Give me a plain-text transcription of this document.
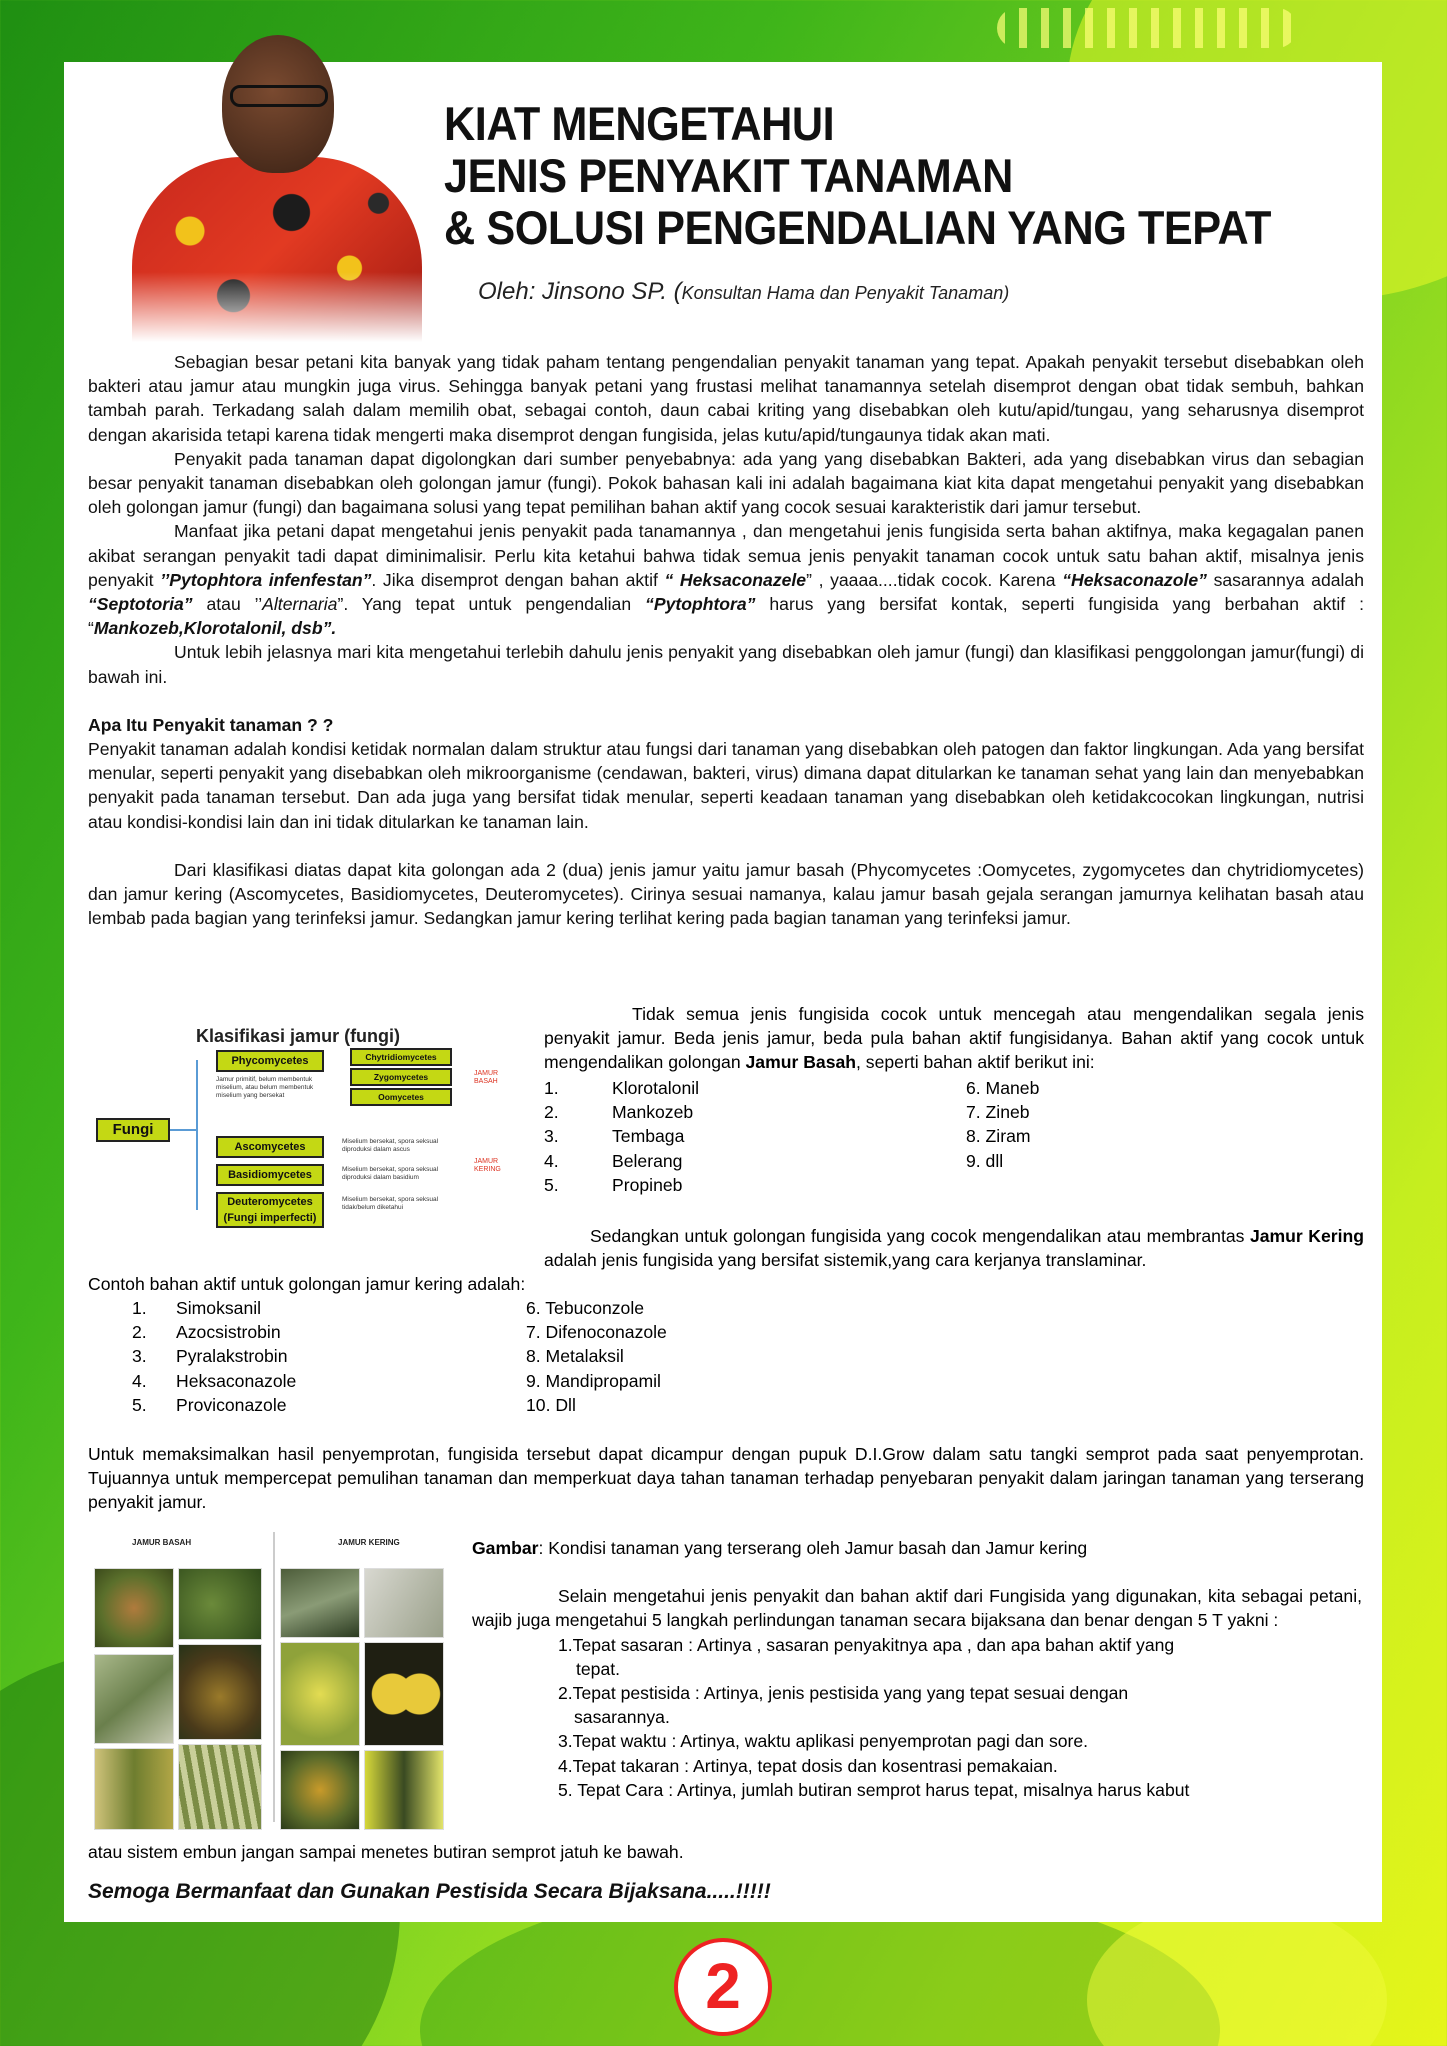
KIAT MENGETAHUI
JENIS PENYAKIT TANAMAN
& SOLUSI PENGENDALIAN YANG TEPAT
Oleh: Jinsono SP. (Konsultan Hama dan Penyakit Tanaman)

Sebagian besar petani kita banyak yang tidak paham tentang pengendalian penyakit tanaman yang tepat. Apakah penyakit tersebut disebabkan oleh bakteri atau jamur atau mungkin juga virus. Sehingga banyak petani yang frustasi melihat tanamannya setelah disemprot dengan obat tidak sembuh, bahkan tambah parah. Terkadang salah dalam memilih obat, sebagai contoh, daun cabai kriting yang disebabkan oleh kutu/apid/tungau, yang seharusnya disemprot dengan akarisida tetapi karena tidak mengerti maka disemprot dengan fungisida, jelas kutu/apid/tungaunya tidak akan mati.

Penyakit pada tanaman dapat digolongkan dari sumber penyebabnya: ada yang yang disebabkan Bakteri, ada yang disebabkan virus dan sebagian besar penyakit tanaman disebabkan oleh golongan jamur (fungi). Pokok bahasan kali ini adalah bagaimana kiat kita dapat mengetahui penyakit yang disebabkan oleh golongan jamur (fungi) dan bagaimana solusi yang tepat pemilihan bahan aktif yang cocok sesuai karakteristik dari jamur tersebut.

Manfaat jika petani dapat mengetahui jenis penyakit pada tanamannya , dan mengetahui jenis fungisida serta bahan aktifnya, maka kegagalan panen akibat serangan penyakit tadi dapat diminimalisir. Perlu kita ketahui bahwa tidak semua jenis penyakit tanaman cocok untuk satu bahan aktif, misalnya jenis penyakit ’’Pytophtora infenfestan”. Jika disemprot dengan bahan aktif “ Heksaconazele” , yaaaa....tidak cocok. Karena “Heksaconazole” sasarannya adalah “Septotoria” atau ’’Alternaria”. Yang tepat untuk pengendalian “Pytophtora” harus yang bersifat kontak, seperti fungisida yang berbahan aktif : “Mankozeb,Klorotalonil, dsb”.

Untuk lebih jelasnya mari kita mengetahui terlebih dahulu jenis penyakit yang disebabkan oleh jamur (fungi) dan klasifikasi penggolongan jamur(fungi) di bawah ini.

Apa Itu Penyakit tanaman ? ?

Penyakit tanaman adalah kondisi ketidak normalan dalam struktur atau fungsi dari tanaman yang disebabkan oleh patogen dan faktor lingkungan. Ada yang bersifat menular, seperti penyakit yang disebabkan oleh mikroorganisme (cendawan, bakteri, virus) dimana dapat ditularkan ke tanaman sehat yang lain dan menyebabkan penyakit pada tanaman tersebut. Dan ada juga yang bersifat tidak menular, seperti keadaan tanaman yang disebabkan oleh ketidakcocokan lingkungan, nutrisi atau kondisi-kondisi lain dan ini tidak ditularkan ke tanaman lain.

Dari klasifikasi diatas dapat kita golongan ada 2 (dua) jenis jamur yaitu jamur basah (Phycomycetes :Oomycetes, zygomycetes dan chytridiomycetes) dan jamur kering (Ascomycetes, Basidiomycetes, Deuteromycetes). Cirinya sesuai namanya, kalau jamur basah gejala serangan jamurnya kelihatan basah atau lembab pada bagian yang terinfeksi jamur. Sedangkan jamur kering terlihat kering pada bagian tanaman yang terinfeksi jamur.

Klasifikasi jamur (fungi)
Fungi
Phycomycetes
Jamur primitif, belum membentuk miselium, atau belum membentuk miselium yang bersekat
Chytridiomycetes
Zygomycetes
Oomycetes
JAMUR BASAH
Ascomycetes	Miselium bersekat, spora seksual diproduksi dalam ascus
Basidiomycetes	Miselium bersekat, spora seksual diproduksi dalam basidium
JAMUR KERING
Deuteromycetes
(Fungi imperfecti)
Miselium bersekat, spora seksual tidak/belum diketahui

Tidak semua jenis fungisida cocok untuk mencegah atau mengendalikan segala jenis penyakit jamur. Beda jenis jamur, beda pula bahan aktif fungisidanya. Bahan aktif yang cocok untuk mengendalikan golongan Jamur Basah, seperti bahan aktif berikut ini:

1.	Klorotalonil
2.	Mankozeb
3.	Tembaga
4.	Belerang
5.	Propineb
6. Maneb
7. Zineb
8. Ziram
9. dll

Sedangkan untuk golongan fungisida yang cocok mengendalikan atau membrantas Jamur Kering adalah jenis fungisida yang bersifat sistemik,yang cara kerjanya translaminar.

Contoh bahan aktif untuk golongan jamur kering adalah:
1. Simoksanil
2. Azocsistrobin
3. Pyralakstrobin
4. Heksaconazole
5. Proviconazole
6. Tebuconzole
7. Difenoconazole
8. Metalaksil
9. Mandipropamil
10. Dll
Untuk memaksimalkan hasil penyemprotan, fungisida tersebut dapat dicampur dengan pupuk D.I.Grow dalam satu tangki semprot pada saat penyemprotan. Tujuannya untuk mempercepat pemulihan tanaman dan memperkuat daya tahan tanaman terhadap penyebaran penyakit dalam jaringan tanaman yang terserang penyakit jamur.
JAMUR BASAH	JAMUR KERING	Gambar: Kondisi tanaman yang terserang oleh Jamur basah dan Jamur kering

Selain mengetahui jenis penyakit dan bahan aktif dari Fungisida yang digunakan, kita sebagai petani, wajib juga mengetahui 5 langkah perlindungan tanaman secara bijaksana dan benar dengan 5 T yakni :

1.Tepat sasaran : Artinya , sasaran penyakitnya apa , dan apa bahan aktif yang

tepat.

2.Tepat pestisida : Artinya, jenis pestisida yang yang tepat sesuai dengan

sasarannya.

3.Tepat waktu : Artinya, waktu aplikasi penyemprotan pagi dan sore.

4.Tepat takaran : Artinya, tepat dosis dan kosentrasi pemakaian.

5. Tepat Cara : Artinya, jumlah butiran semprot harus tepat, misalnya harus kabut

atau sistem embun jangan sampai menetes butiran semprot jatuh ke bawah.
Semoga Bermanfaat dan Gunakan Pestisida Secara Bijaksana.....!!!!!
2
